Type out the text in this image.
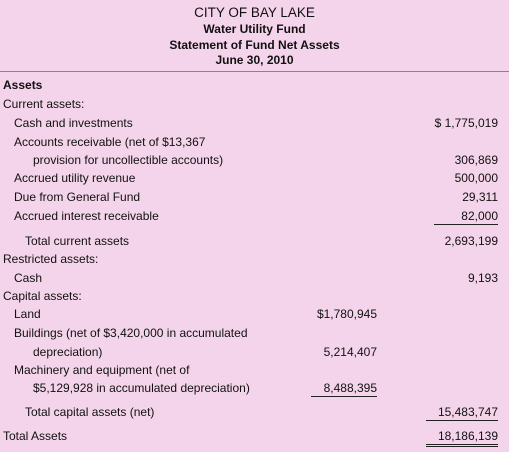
CITY OF BAY LAKE
Water Utility Fund
Statement of Fund Net Assets
June 30, 2010
Assets
Current assets:
Cash and investments	$ 1,775,019
Accounts receivable (net of $13,367
provision for uncollectible accounts)	306,869
Accrued utility revenue	500,000
Due from General Fund	29,311
Accrued interest receivable	82,000
Total current assets	2,693,199
Restricted assets:
Cash	9,193
Capital assets:
Land	$1,780,945
Buildings (net of $3,420,000 in accumulated
depreciation)	5,214,407
Machinery and equipment (net of
$5,129,928 in accumulated depreciation)	8,488,395
Total capital assets (net)	15,483,747
Total Assets	18,186,139
